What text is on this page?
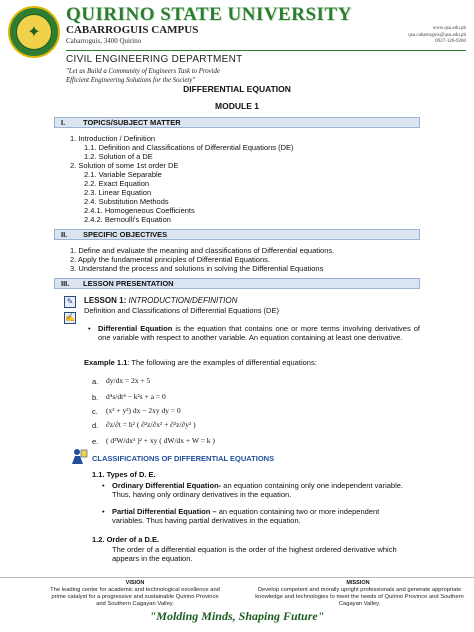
✦
QUIRINO STATE UNIVERSITY
CABARROGUIS CAMPUS
Cabarroguis, 3400 Quirino
CIVIL ENGINEERING DEPARTMENT
"Let us Build a Community of Engineers Task to Provide
Efficient Engineering Solutions for the Society"
www.qsu.edu.ph
qsu.cabarroguis@qsu.edu.ph
0927-126-9260
DIFFERENTIAL EQUATION
MODULE 1
I. TOPICS/SUBJECT MATTER
1. Introduction / Definition
1.1. Definition and Classifications of Differential Equations (DE)
1.2. Solution of a DE
2. Solution of some 1st order DE
2.1. Variable Separable
2.2. Exact Equation
2.3. Linear Equation
2.4. Substitution Methods
2.4.1. Homogeneous Coefficients
2.4.2. Bernoulli's Equation
II. SPECIFIC OBJECTIVES
1. Define and evaluate the meaning and classifications of Differential equations.
2. Apply the fundamental principles of Differential Equations.
3. Understand the process and solutions in solving the Differential Equations
III. LESSON PRESENTATION
✎
✍
LESSON 1: INTRODUCTION/DEFINITION
Definition and Classifications of Differential Equations (DE)
• Differential Equation is the equation that contains one or more terms involving derivatives of one variable with respect to another variable. An equation containing at least one derivative.
Example 1.1: The following are the examples of differential equations:
a. dy/dx = 2x + 5
b. d⁴s/dt⁴ − k²s + a = 0
c. (x² + y²) dx − 2xy dy = 0
d. ∂z/∂t = h² ( ∂²z/∂x² + ∂²z/∂y² )
e. ( d³W/dx³ )² + xy ( dW/dx + W = k )
CLASSIFICATIONS OF DIFFERENTIAL EQUATIONS
1.1. Types of D. E.
• Ordinary Differential Equation- an equation containing only one independent variable. Thus, having only ordinary derivatives in the equation.
• Partial Differential Equation – an equation containing two or more independent variables. Thus having partial derivatives in the equation.
1.2. Order of a D.E.
The order of a differential equation is the order of the highest ordered derivative which appears in the equation.
VISION
The leading center for academic and technological excellence and prime catalyst for a progressive and sustainable Quirino Province and Southern Cagayan Valley.
MISSION
Develop competent and morally upright professionals and generate appropriate knowledge and technologies to meet the needs of Quirino Province and Southern Cagayan Valley.
"Molding Minds, Shaping Future"
